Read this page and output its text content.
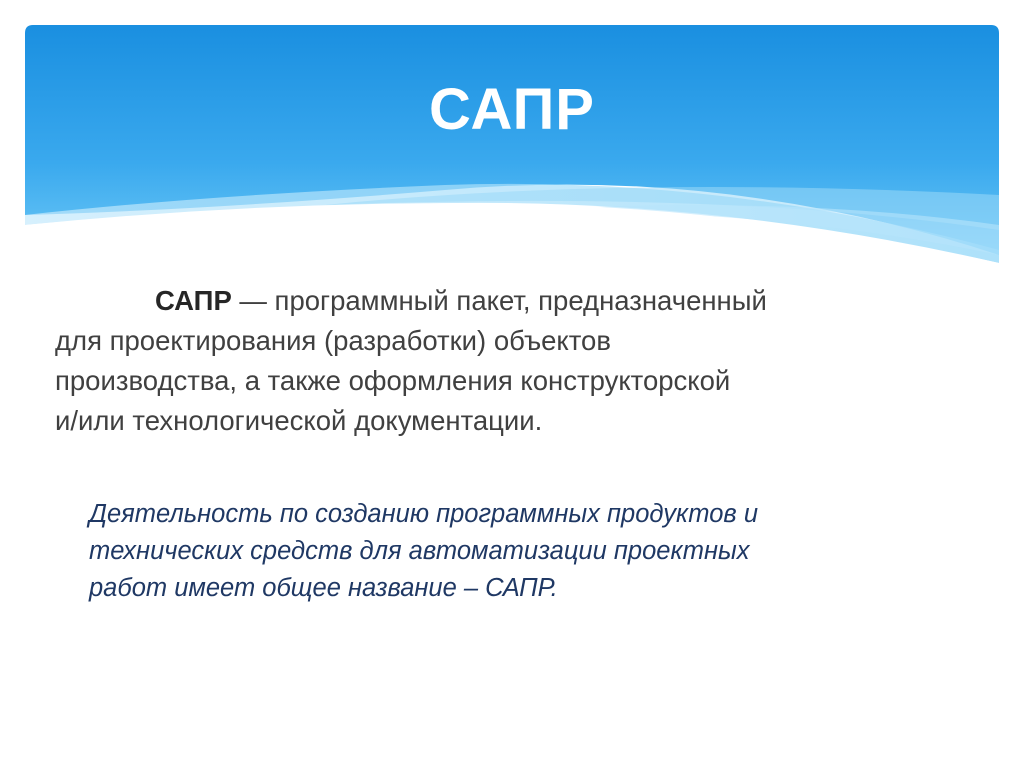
САПР
САПР — программный пакет, предназначенный
для проектирования (разработки) объектов
производства, а также оформления конструкторской
и/или технологической документации.
Деятельность по созданию программных продуктов и
технических средств для автоматизации проектных
работ имеет общее название – САПР.
